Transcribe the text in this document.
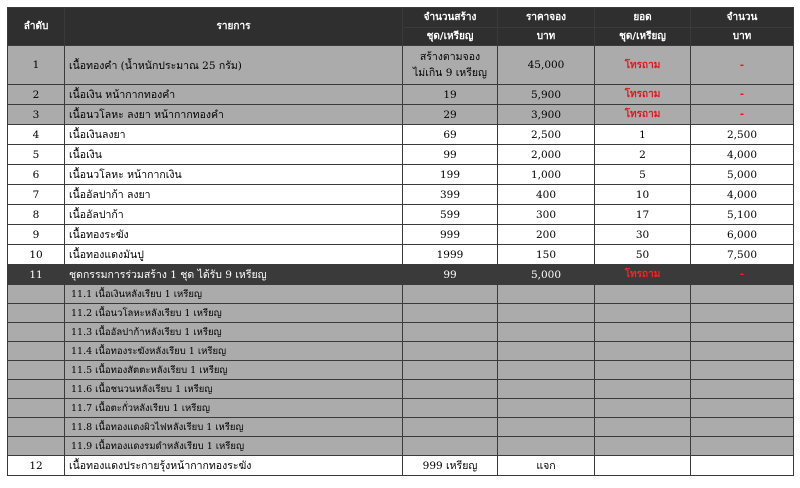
ลำดับ	รายการ	จำนวนสร้าง	ราคาจอง	ยอด	จำนวน
		ชุด/เหรียญ	บาท	ชุด/เหรียญ	บาท
1	เนื้อทองคำ (น้ำหนักประมาณ 25 กรัม)	สร้างตามจอง
ไม่เกิน 9 เหรียญ	45,000	โทรถาม	-
2	เนื้อเงิน หน้ากากทองคำ	19	5,900	โทรถาม	-
3	เนื้อนวโลหะ ลงยา หน้ากากทองคำ	29	3,900	โทรถาม	-
4	เนื้อเงินลงยา	69	2,500	1	2,500
5	เนื้อเงิน	99	2,000	2	4,000
6	เนื้อนวโลหะ หน้ากากเงิน	199	1,000	5	5,000
7	เนื้ออัลปาก้า ลงยา	399	400	10	4,000
8	เนื้ออัลปาก้า	599	300	17	5,100
9	เนื้อทองระฆัง	999	200	30	6,000
10	เนื้อทองแดงมันปู	1999	150	50	7,500
11	ชุดกรรมการร่วมสร้าง 1 ชุด ได้รับ 9 เหรียญ	99	5,000	โทรถาม	-
	11.1 เนื้อเงินหลังเรียบ 1 เหรียญ				
	11.2 เนื้อนวโลหะหลังเรียบ 1 เหรียญ				
	11.3 เนื้ออัลปาก้าหลังเรียบ 1 เหรียญ				
	11.4 เนื้อทองระฆังหลังเรียบ 1 เหรียญ				
	11.5 เนื้อทองสัตตะหลังเรียบ 1 เหรียญ				
	11.6 เนื้อชนวนหลังเรียบ 1 เหรียญ				
	11.7 เนื้อตะกั่วหลังเรียบ 1 เหรียญ				
	11.8 เนื้อทองแดงผิวไฟหลังเรียบ 1 เหรียญ				
	11.9 เนื้อทองแดงรมดำหลังเรียบ 1 เหรียญ				
12	เนื้อทองแดงประกายรุ้งหน้ากากทองระฆัง	999 เหรียญ	แจก		
